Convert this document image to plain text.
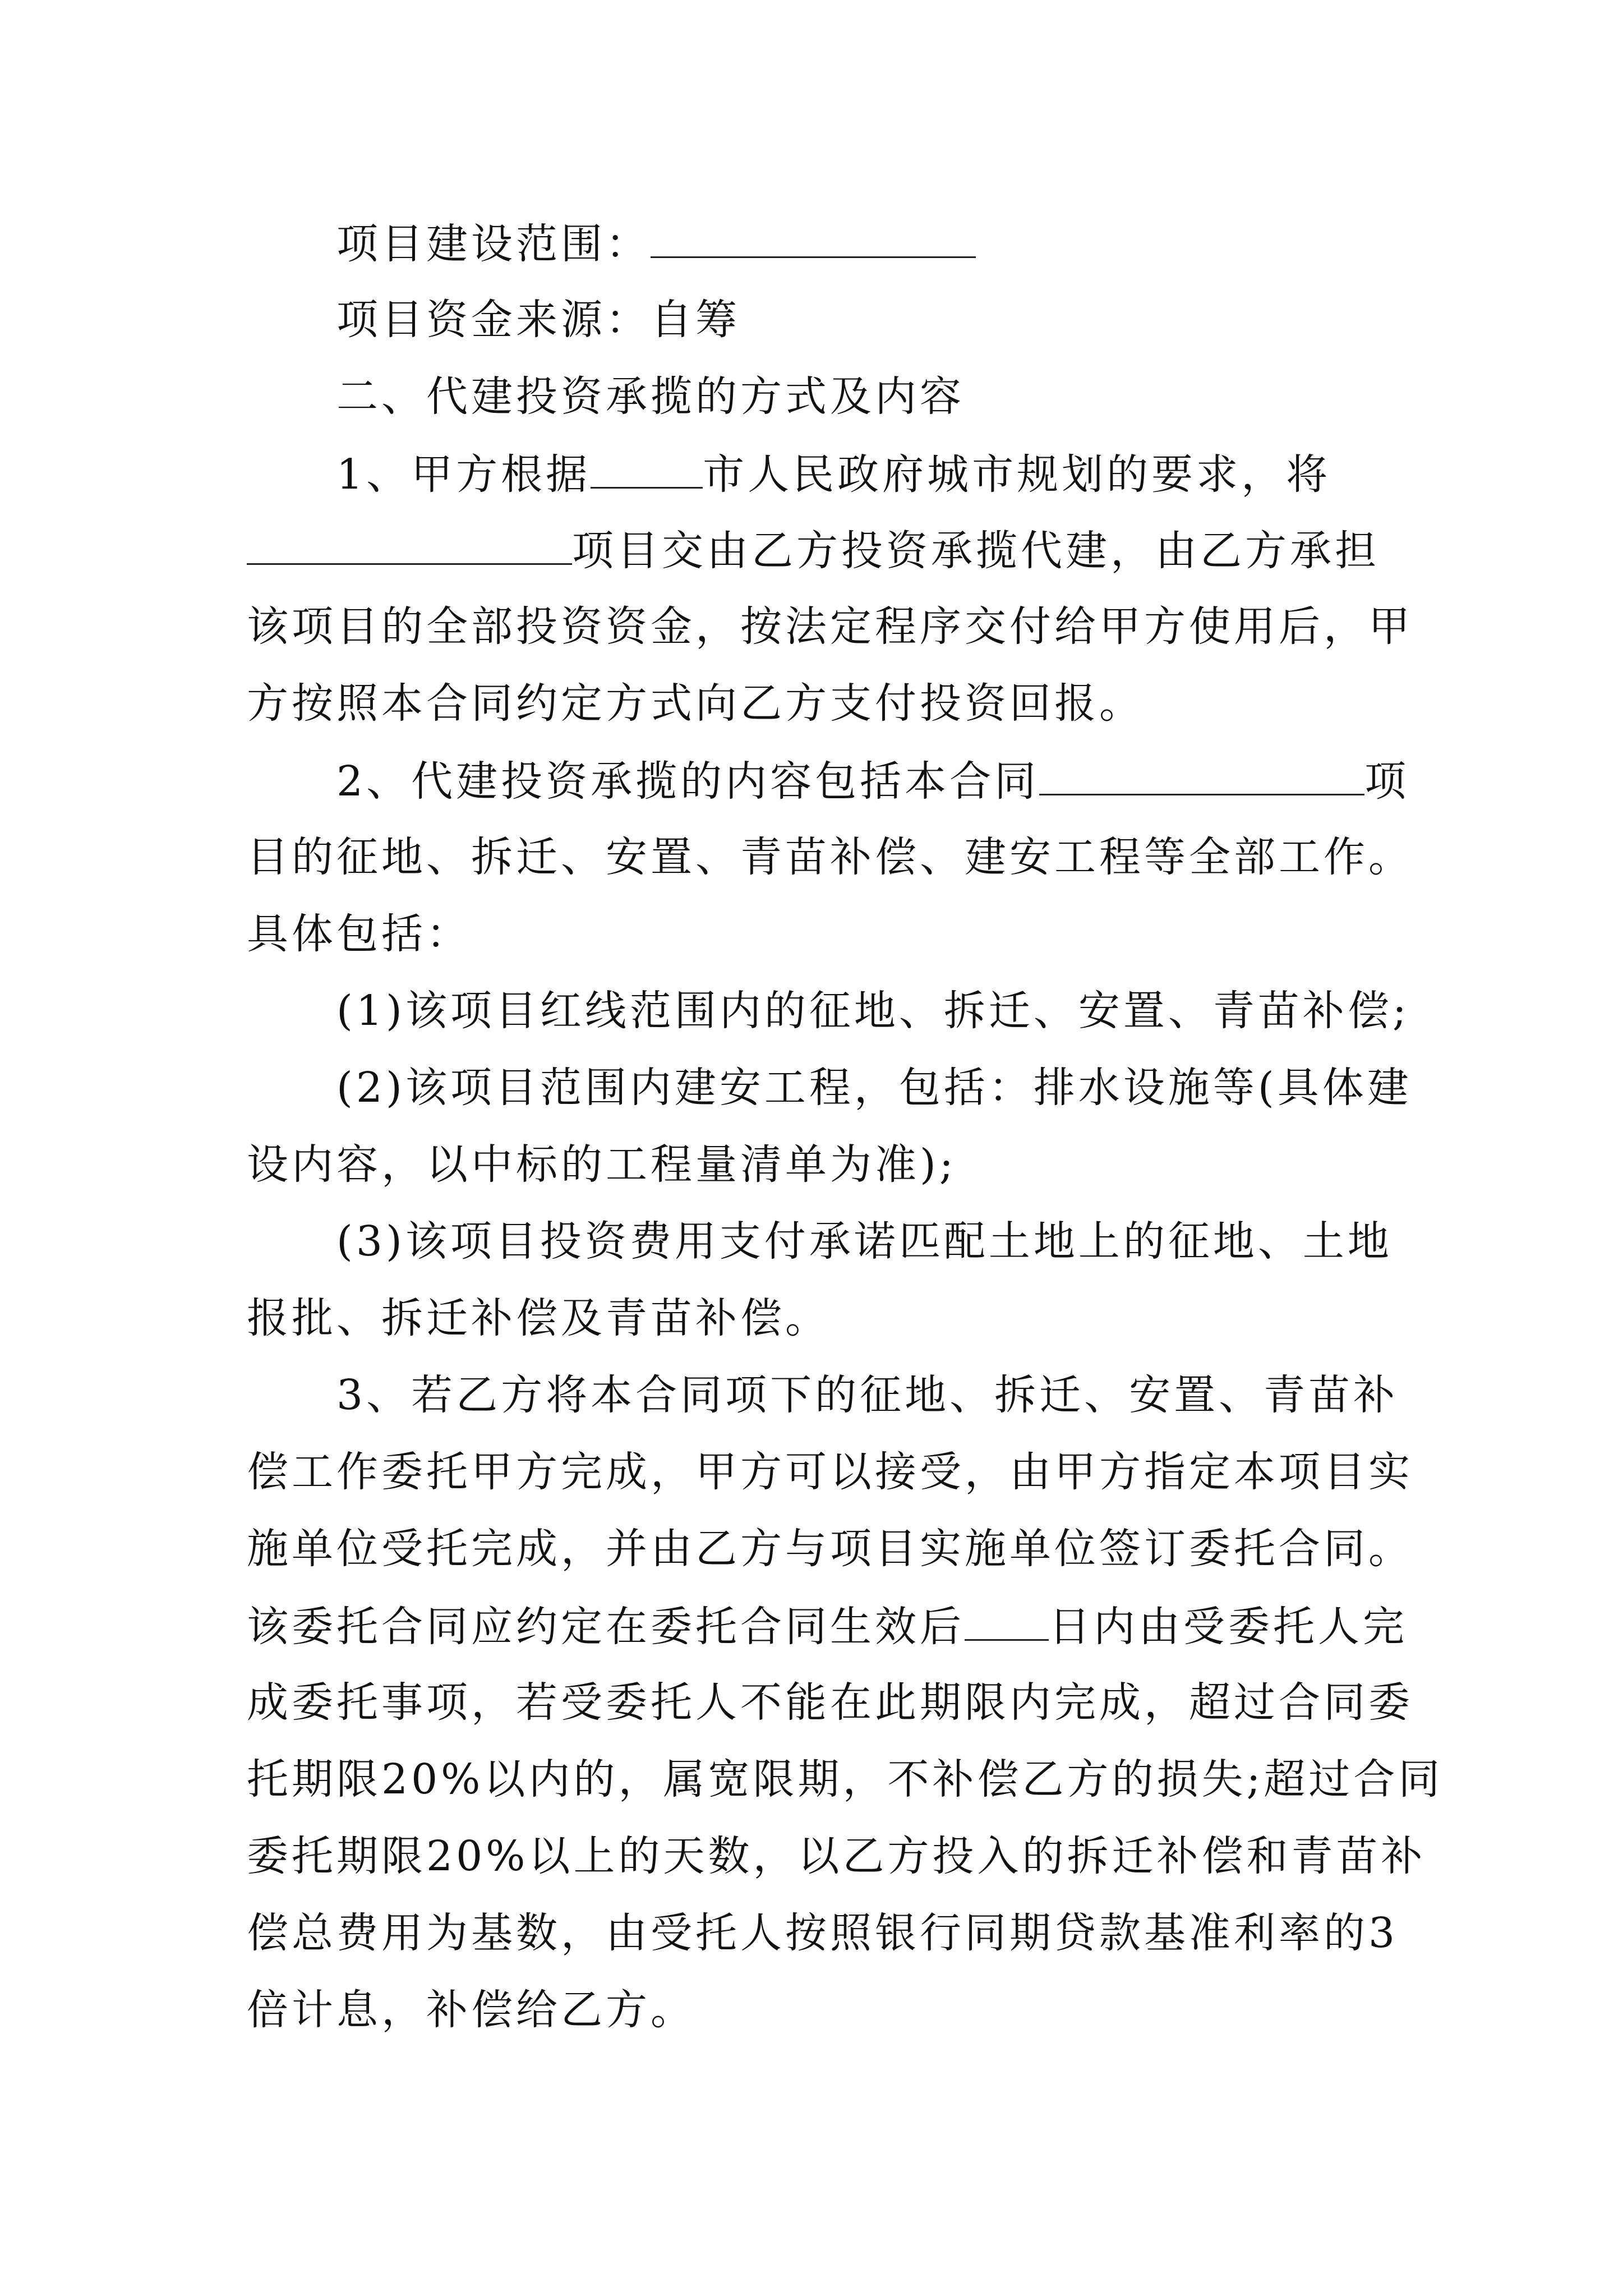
项目建设范围：
项目资金来源：自筹
二、代建投资承揽的方式及内容
1、甲方根据	市人民政府城市规划的要求，将
项目交由乙方投资承揽代建，由乙方承担
该项目的全部投资资金，按法定程序交付给甲方使用后，甲
方按照本合同约定方式向乙方支付投资回报。
2、代建投资承揽的内容包括本合同	项
目的征地、拆迁、安置、青苗补偿、建安工程等全部工作。
具体包括：
(1)该项目红线范围内的征地、拆迁、安置、青苗补偿;
(2)该项目范围内建安工程，包括：排水设施等(具体建
设内容，以中标的工程量清单为准);
(3)该项目投资费用支付承诺匹配土地上的征地、土地
报批、拆迁补偿及青苗补偿。
3、若乙方将本合同项下的征地、拆迁、安置、青苗补
偿工作委托甲方完成，甲方可以接受，由甲方指定本项目实
施单位受托完成，并由乙方与项目实施单位签订委托合同。
该委托合同应约定在委托合同生效后 日内由受委托人完
成委托事项，若受委托人不能在此期限内完成，超过合同委
托期限20%以内的，属宽限期，不补偿乙方的损失;超过合同
委托期限20%以上的天数，以乙方投入的拆迁补偿和青苗补
偿总费用为基数，由受托人按照银行同期贷款基准利率的3
倍计息，补偿给乙方。
